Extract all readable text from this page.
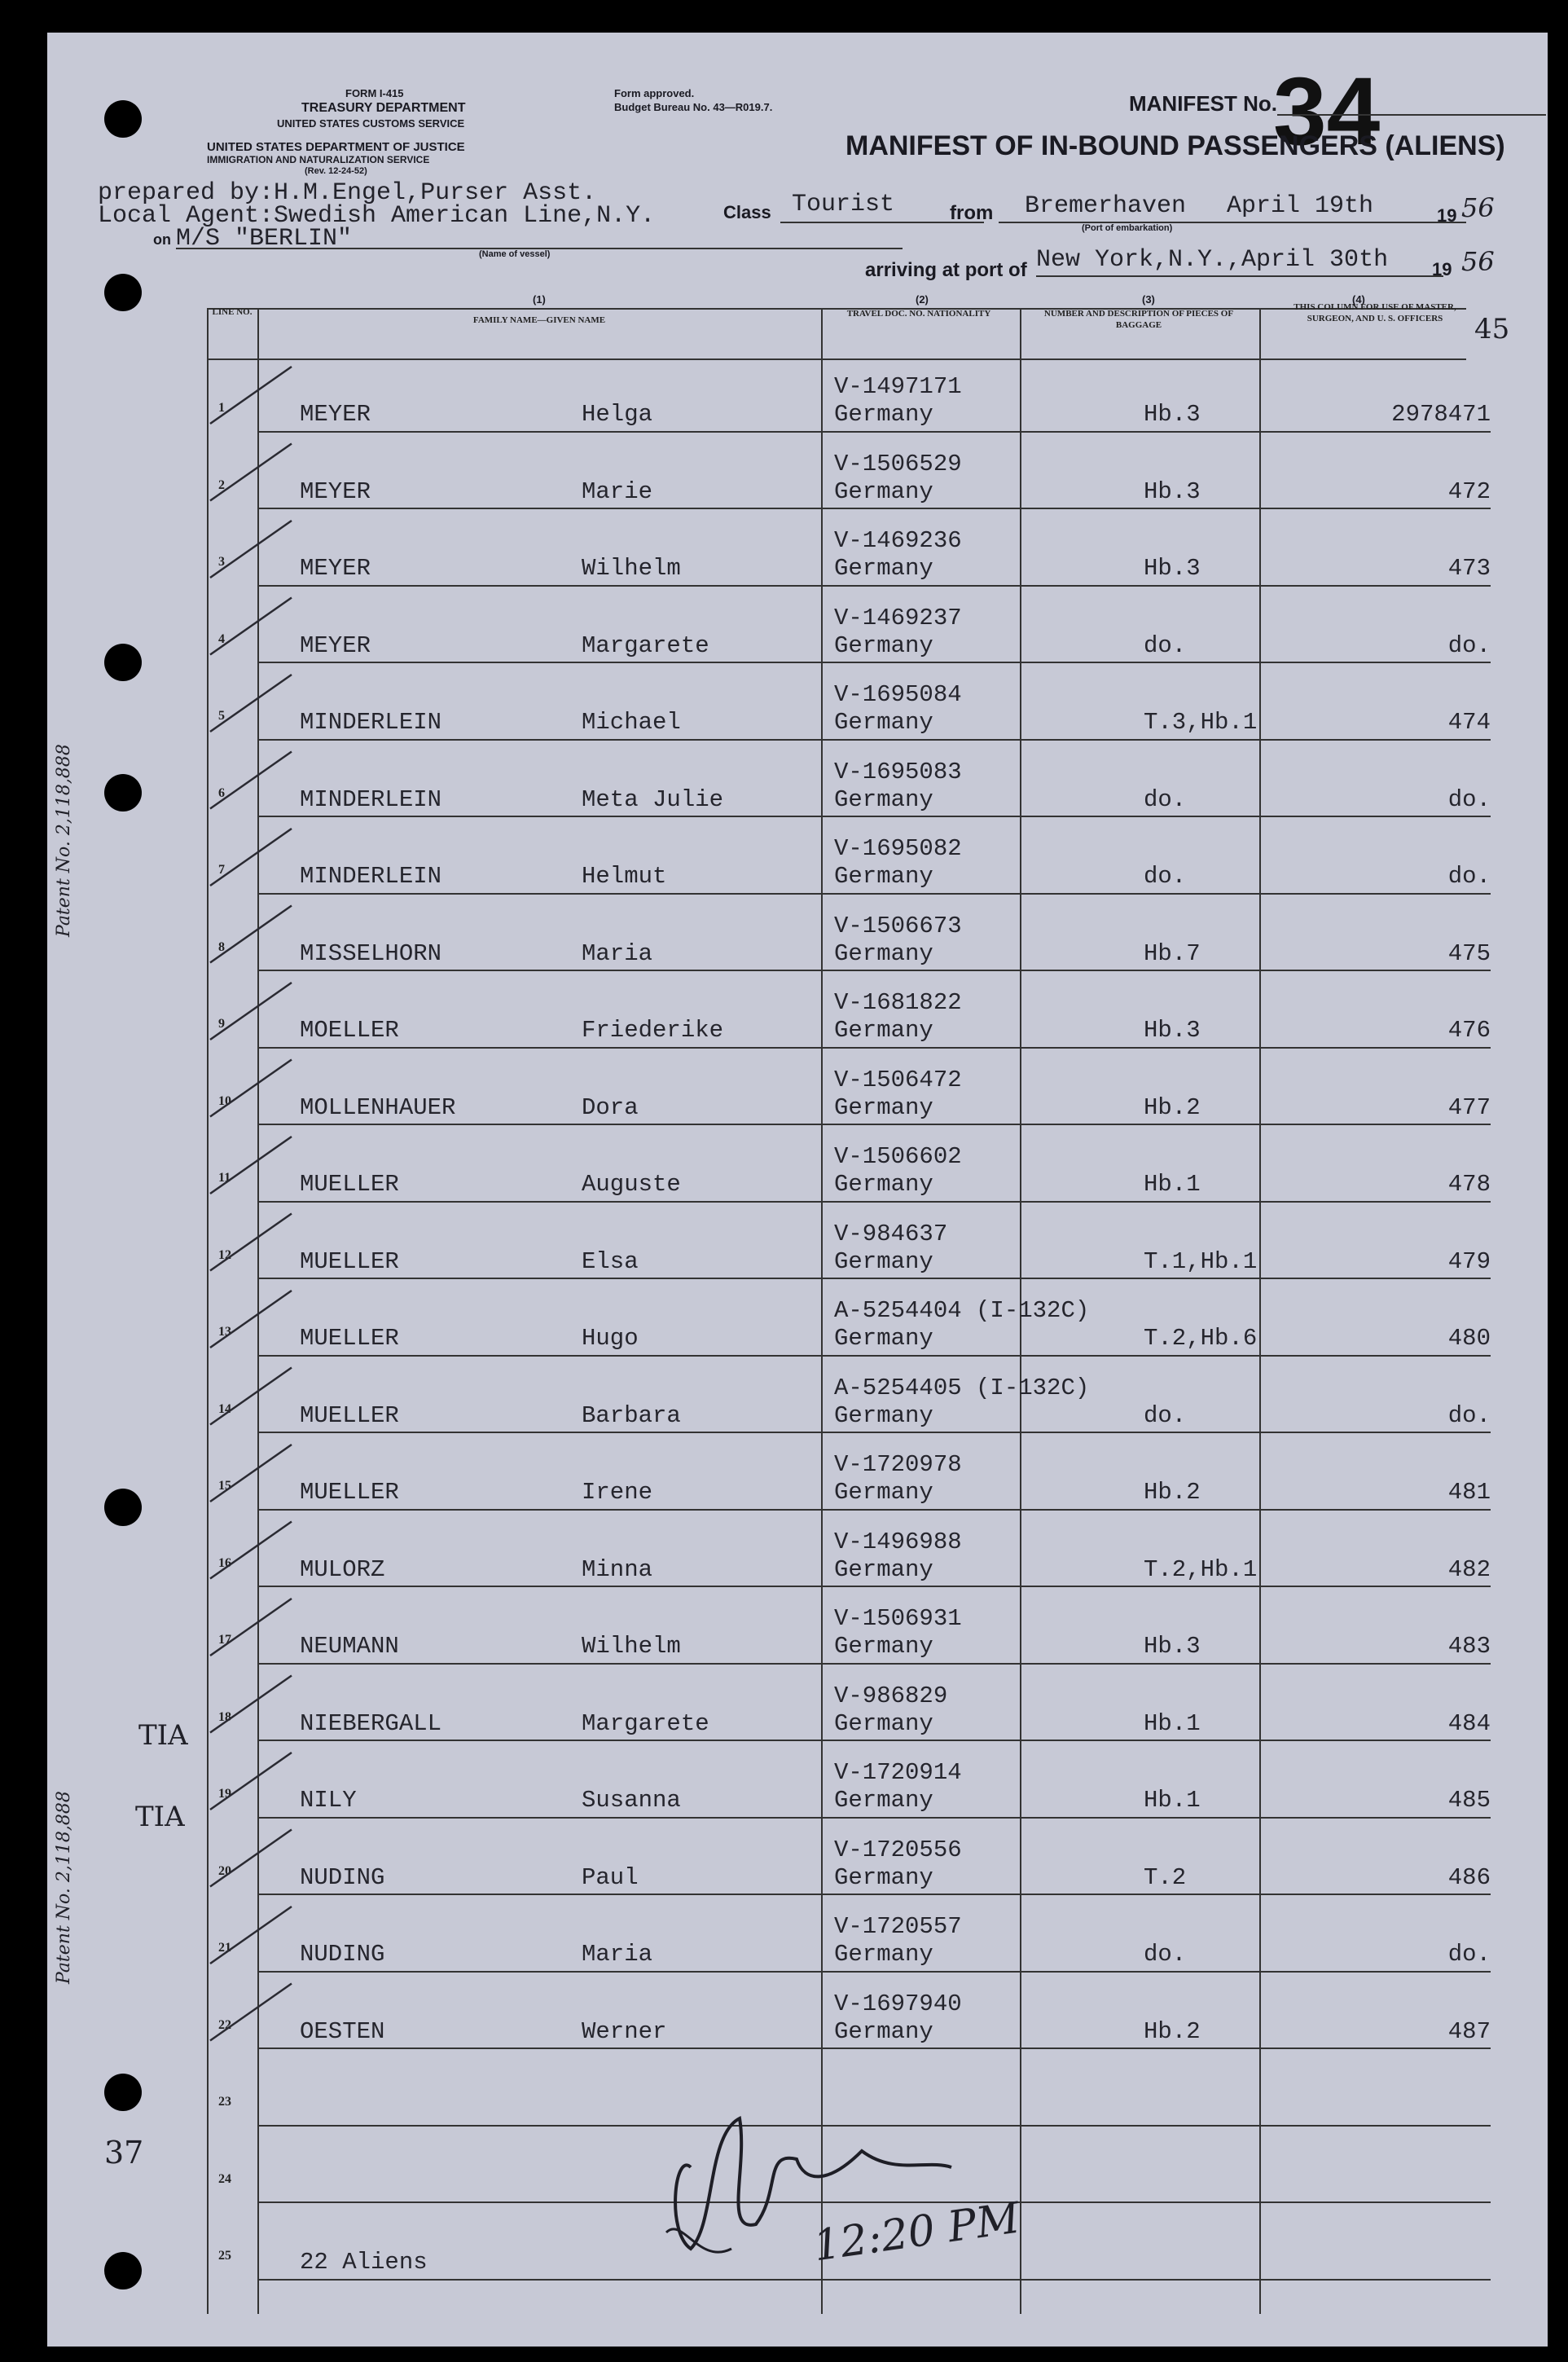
FORM I-415
TREASURY DEPARTMENT
UNITED STATES CUSTOMS SERVICE
UNITED STATES DEPARTMENT OF JUSTICE
IMMIGRATION AND NATURALIZATION SERVICE
(Rev. 12-24-52)
Form approved.
Budget Bureau No. 43—R019.7.	MANIFEST No.
34
MANIFEST OF IN-BOUND PASSENGERS (ALIENS)
prepared by:H.M.Engel,Purser Asst.
Local Agent:Swedish American Line,N.Y.
on M/S "BERLIN"
(Name of vessel)
Class Tourist	from Bremerhaven April 19th
(Port of embarkation)
19 56
arriving at port of New York,N.Y.,April 30th 19 56
(1)	(2)	(3)	(4)
45
LINE NO.
FAMILY NAME—GIVEN NAME
TRAVEL DOC. NO. NATIONALITY	NUMBER AND DESCRIPTION OF PIECES OF BAGGAGE
THIS COLUMN FOR USE OF MASTER, SURGEON, AND U. S. OFFICERS
1	MEYER	Helga
V-1497171
Germany	Hb.3	2978471
2	MEYER	Marie
V-1506529
Germany	Hb.3	472
3	MEYER	Wilhelm
V-1469236
Germany	Hb.3	473
4	MEYER	Margarete
V-1469237
Germany	do.	do.
5	MINDERLEIN	Michael
V-1695084
Germany	T.3,Hb.1	474
6	MINDERLEIN	Meta Julie
V-1695083
Germany	do.	do.
7	MINDERLEIN	Helmut
V-1695082
Germany	do.	do.
8	MISSELHORN	Maria
V-1506673
Germany	Hb.7	475
9	MOELLER	Friederike
V-1681822
Germany	Hb.3	476
10	MOLLENHAUER	Dora
V-1506472
Germany	Hb.2	477
11	MUELLER	Auguste
V-1506602
Germany	Hb.1	478
12	MUELLER	Elsa
V-984637
Germany	T.1,Hb.1	479
13	MUELLER	Hugo
A-5254404 (I-132C)
Germany	T.2,Hb.6	480
14	MUELLER	Barbara
A-5254405 (I-132C)
Germany	do.	do.
15	MUELLER	Irene
V-1720978
Germany	Hb.2	481
16	MULORZ	Minna
V-1496988
Germany	T.2,Hb.1	482
17	NEUMANN	Wilhelm
V-1506931
Germany	Hb.3	483
18	NIEBERGALL	Margarete
V-986829
Germany	Hb.1	484
19	NILY	Susanna
V-1720914
Germany	Hb.1	485
20	NUDING	Paul
V-1720556
Germany	T.2	486
21	NUDING	Maria
V-1720557
Germany	do.	do.
22	OESTEN	Werner
V-1697940
Germany	Hb.2	487
23
24
25	22 Aliens
Patent No. 2,118,888
Patent No. 2,118,888
TIA
TIA
37
12:20 PM
